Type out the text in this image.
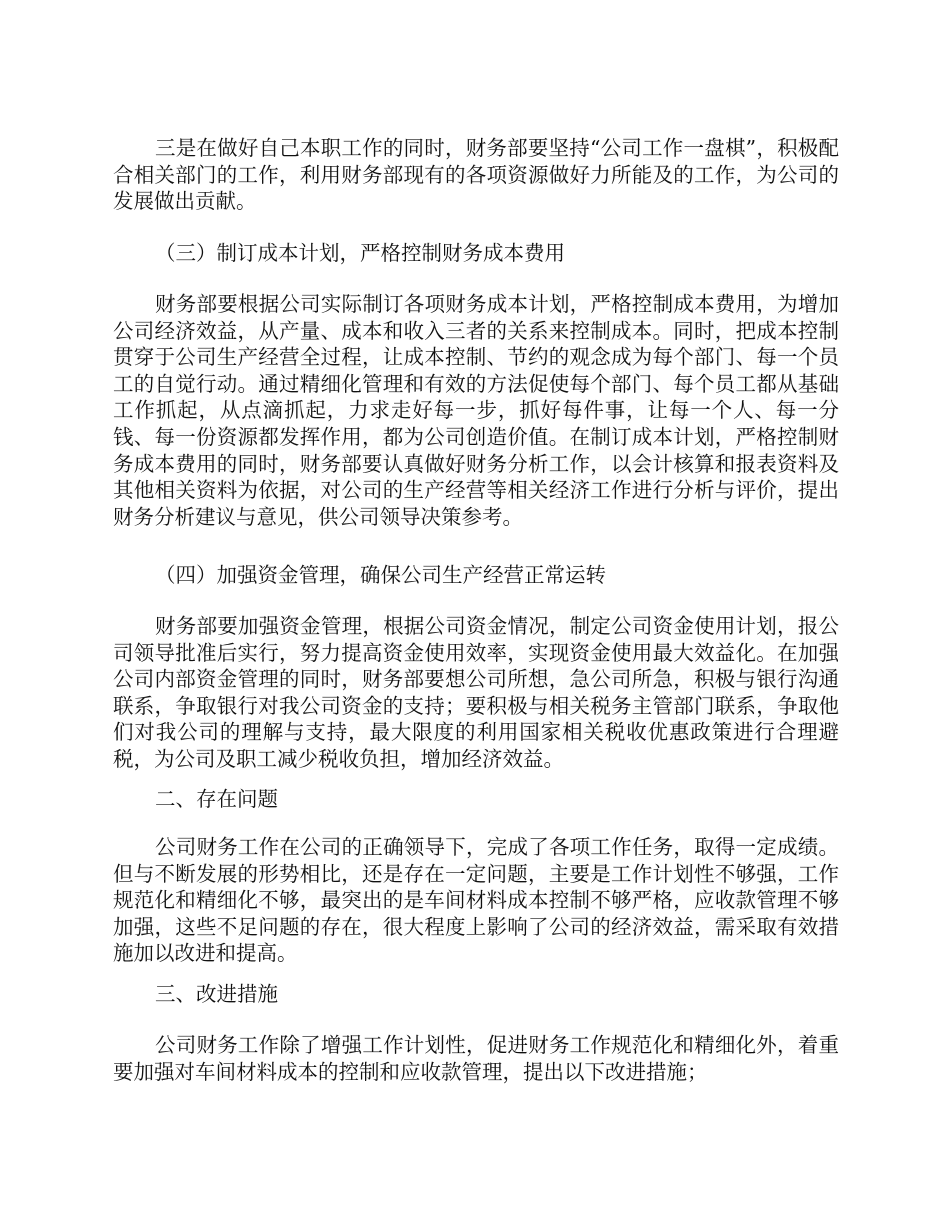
三是在做好自己本职工作的同时，财务部要坚持“公司工作一盘棋”，积极配合相关部门的工作，利用财务部现有的各项资源做好力所能及的工作，为公司的发展做出贡献。

（三）制订成本计划，严格控制财务成本费用

财务部要根据公司实际制订各项财务成本计划，严格控制成本费用，为增加公司经济效益，从产量、成本和收入三者的关系来控制成本。同时，把成本控制贯穿于公司生产经营全过程，让成本控制、节约的观念成为每个部门、每一个员工的自觉行动。通过精细化管理和有效的方法促使每个部门、每个员工都从基础工作抓起，从点滴抓起，力求走好每一步，抓好每件事，让每一个人、每一分钱、每一份资源都发挥作用，都为公司创造价值。在制订成本计划，严格控制财务成本费用的同时，财务部要认真做好财务分析工作，以会计核算和报表资料及其他相关资料为依据，对公司的生产经营等相关经济工作进行分析与评价，提出财务分析建议与意见，供公司领导决策参考。

（四）加强资金管理，确保公司生产经营正常运转

财务部要加强资金管理，根据公司资金情况，制定公司资金使用计划，报公司领导批准后实行，努力提高资金使用效率，实现资金使用最大效益化。在加强公司内部资金管理的同时，财务部要想公司所想，急公司所急，积极与银行沟通联系，争取银行对我公司资金的支持；要积极与相关税务主管部门联系，争取他们对我公司的理解与支持，最大限度的利用国家相关税收优惠政策进行合理避税，为公司及职工减少税收负担，增加经济效益。

二、存在问题

公司财务工作在公司的正确领导下，完成了各项工作任务，取得一定成绩。但与不断发展的形势相比，还是存在一定问题，主要是工作计划性不够强，工作规范化和精细化不够，最突出的是车间材料成本控制不够严格，应收款管理不够加强，这些不足问题的存在，很大程度上影响了公司的经济效益，需采取有效措施加以改进和提高。

三、改进措施

公司财务工作除了增强工作计划性，促进财务工作规范化和精细化外，着重要加强对车间材料成本的控制和应收款管理，提出以下改进措施；
